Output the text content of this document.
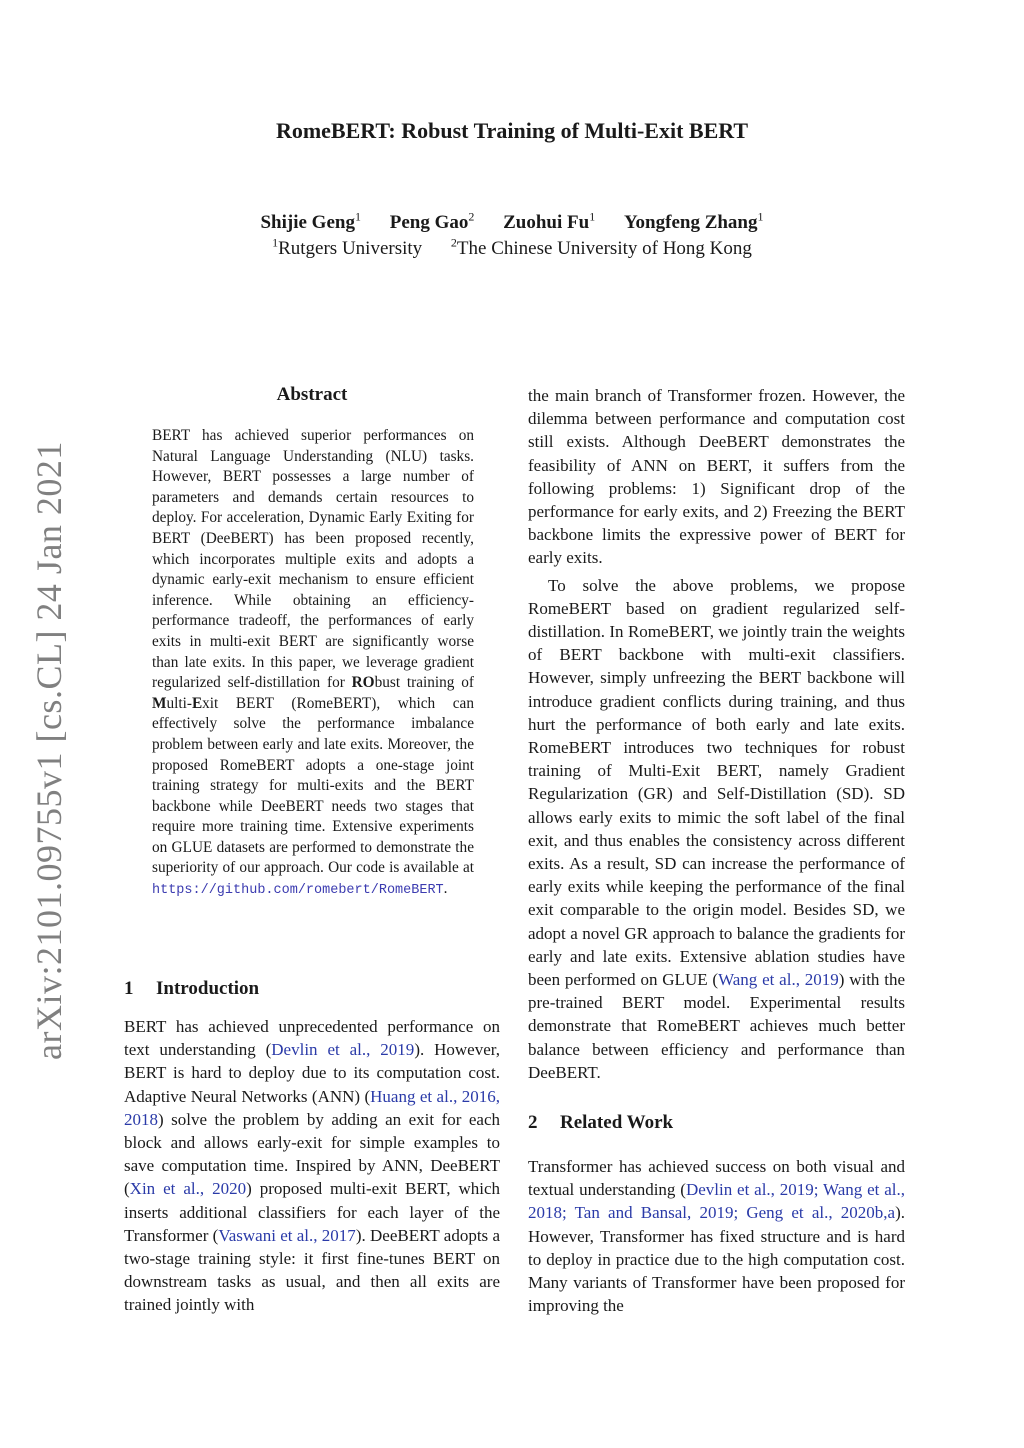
RomeBERT: Robust Training of Multi-Exit BERT
Shijie Geng$^1$ Peng Gao$^2$ Zuohui Fu$^1$ Yongfeng Zhang$^1$
$^1$Rutgers University $^2$The Chinese University of Hong Kong
arXiv:2101.09755v1 [cs.CL] 24 Jan 2021
Abstract
BERT has achieved superior performances on Natural Language Understanding (NLU) tasks. However, BERT possesses a large number of parameters and demands certain resources to deploy. For acceleration, Dynamic Early Exiting for BERT (DeeBERT) has been proposed recently, which incorporates multiple exits and adopts a dynamic early-exit mechanism to ensure efficient inference. While obtaining an efficiency-performance tradeoff, the performances of early exits in multi-exit BERT are significantly worse than late exits. In this paper, we leverage gradient regularized self-distillation for RObust training of Multi-Exit BERT (RomeBERT), which can effectively solve the performance imbalance problem between early and late exits. Moreover, the proposed RomeBERT adopts a one-stage joint training strategy for multi-exits and the BERT backbone while DeeBERT needs two stages that require more training time. Extensive experiments on GLUE datasets are performed to demonstrate the superiority of our approach. Our code is available at https://github.com/romebert/RomeBERT.
1 Introduction

BERT has achieved unprecedented performance on text understanding (Devlin et al., 2019). However, BERT is hard to deploy due to its computation cost. Adaptive Neural Networks (ANN) (Huang et al., 2016, 2018) solve the problem by adding an exit for each block and allows early-exit for simple examples to save computation time. Inspired by ANN, DeeBERT (Xin et al., 2020) proposed multi-exit BERT, which inserts additional classifiers for each layer of the Transformer (Vaswani et al., 2017). DeeBERT adopts a two-stage training style: it first fine-tunes BERT on downstream tasks as usual, and then all exits are trained jointly with

the main branch of Transformer frozen. However, the dilemma between performance and computation cost still exists. Although DeeBERT demonstrates the feasibility of ANN on BERT, it suffers from the following problems: 1) Significant drop of the performance for early exits, and 2) Freezing the BERT backbone limits the expressive power of BERT for early exits.

To solve the above problems, we propose RomeBERT based on gradient regularized self-distillation. In RomeBERT, we jointly train the weights of BERT backbone with multi-exit classifiers. However, simply unfreezing the BERT backbone will introduce gradient conflicts during training, and thus hurt the performance of both early and late exits. RomeBERT introduces two techniques for robust training of Multi-Exit BERT, namely Gradient Regularization (GR) and Self-Distillation (SD). SD allows early exits to mimic the soft label of the final exit, and thus enables the consistency across different exits. As a result, SD can increase the performance of early exits while keeping the performance of the final exit comparable to the origin model. Besides SD, we adopt a novel GR approach to balance the gradients for early and late exits. Extensive ablation studies have been performed on GLUE (Wang et al., 2019) with the pre-trained BERT model. Experimental results demonstrate that RomeBERT achieves much better balance between efficiency and performance than DeeBERT.

2 Related Work

Transformer has achieved success on both visual and textual understanding (Devlin et al., 2019; Wang et al., 2018; Tan and Bansal, 2019; Geng et al., 2020b,a). However, Transformer has fixed structure and is hard to deploy in practice due to the high computation cost. Many variants of Transformer have been proposed for improving the
